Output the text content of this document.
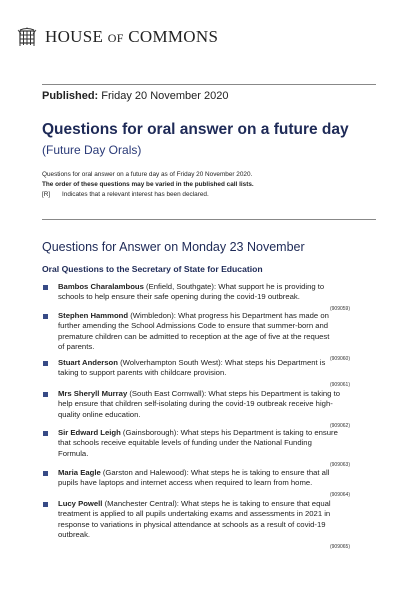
HOUSE OF COMMONS
Published: Friday 20 November 2020
Questions for oral answer on a future day
(Future Day Orals)
Questions for oral answer on a future day as of Friday 20 November 2020.
The order of these questions may be varied in the published call lists.
[R] Indicates that a relevant interest has been declared.
Questions for Answer on Monday 23 November
Oral Questions to the Secretary of State for Education
Bambos Charalambous (Enfield, Southgate): What support he is providing to
schools to help ensure their safe opening during the covid-19 outbreak.
(909059)
Stephen Hammond (Wimbledon): What progress his Department has made on
further amending the School Admissions Code to ensure that summer-born and
premature children can be admitted to reception at the age of five at the request
of parents.
(909060)
Stuart Anderson (Wolverhampton South West): What steps his Department is
taking to support parents with childcare provision.
(909061)
Mrs Sheryll Murray (South East Cornwall): What steps his Department is taking to
help ensure that children self-isolating during the covid-19 outbreak receive high-
quality online education.
(909062)
Sir Edward Leigh (Gainsborough): What steps his Department is taking to ensure
that schools receive equitable levels of funding under the National Funding
Formula.
(909063)
Maria Eagle (Garston and Halewood): What steps he is taking to ensure that all
pupils have laptops and internet access when required to learn from home.
(909064)
Lucy Powell (Manchester Central): What steps he is taking to ensure that equal
treatment is applied to all pupils undertaking exams and assessments in 2021 in
response to variations in physical attendance at schools as a result of covid-19
outbreak.
(909065)
